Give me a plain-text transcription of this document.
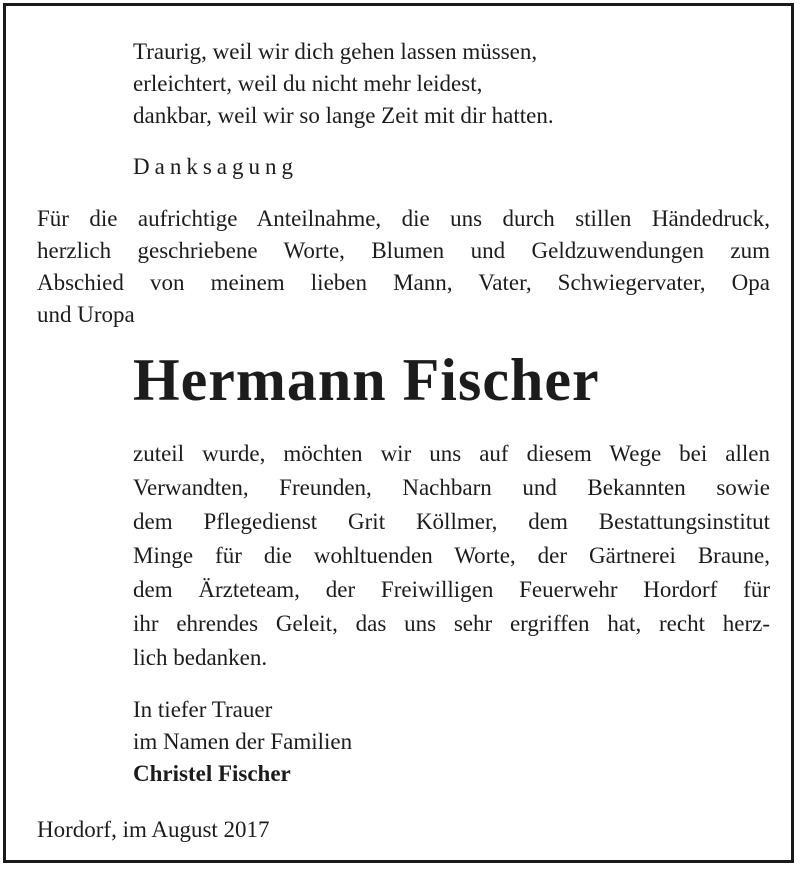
Traurig, weil wir dich gehen lassen müssen,
erleichtert, weil du nicht mehr leidest,
dankbar, weil wir so lange Zeit mit dir hatten.
Danksagung
Für die aufrichtige Anteilnahme, die uns durch stillen Händedruck,
herzlich geschriebene Worte, Blumen und Geldzuwendungen zum
Abschied von meinem lieben Mann, Vater, Schwiegervater, Opa
und Uropa
Hermann Fischer
zuteil wurde, möchten wir uns auf diesem Wege bei allen
Verwandten, Freunden, Nachbarn und Bekannten sowie
dem Pflegedienst Grit Köllmer, dem Bestattungsinstitut
Minge für die wohltuenden Worte, der Gärtnerei Braune,
dem Ärzteteam, der Freiwilligen Feuerwehr Hordorf für
ihr ehrendes Geleit, das uns sehr ergriffen hat, recht herz-
lich bedanken.
In tiefer Trauer
im Namen der Familien
Christel Fischer
Hordorf, im August 2017
